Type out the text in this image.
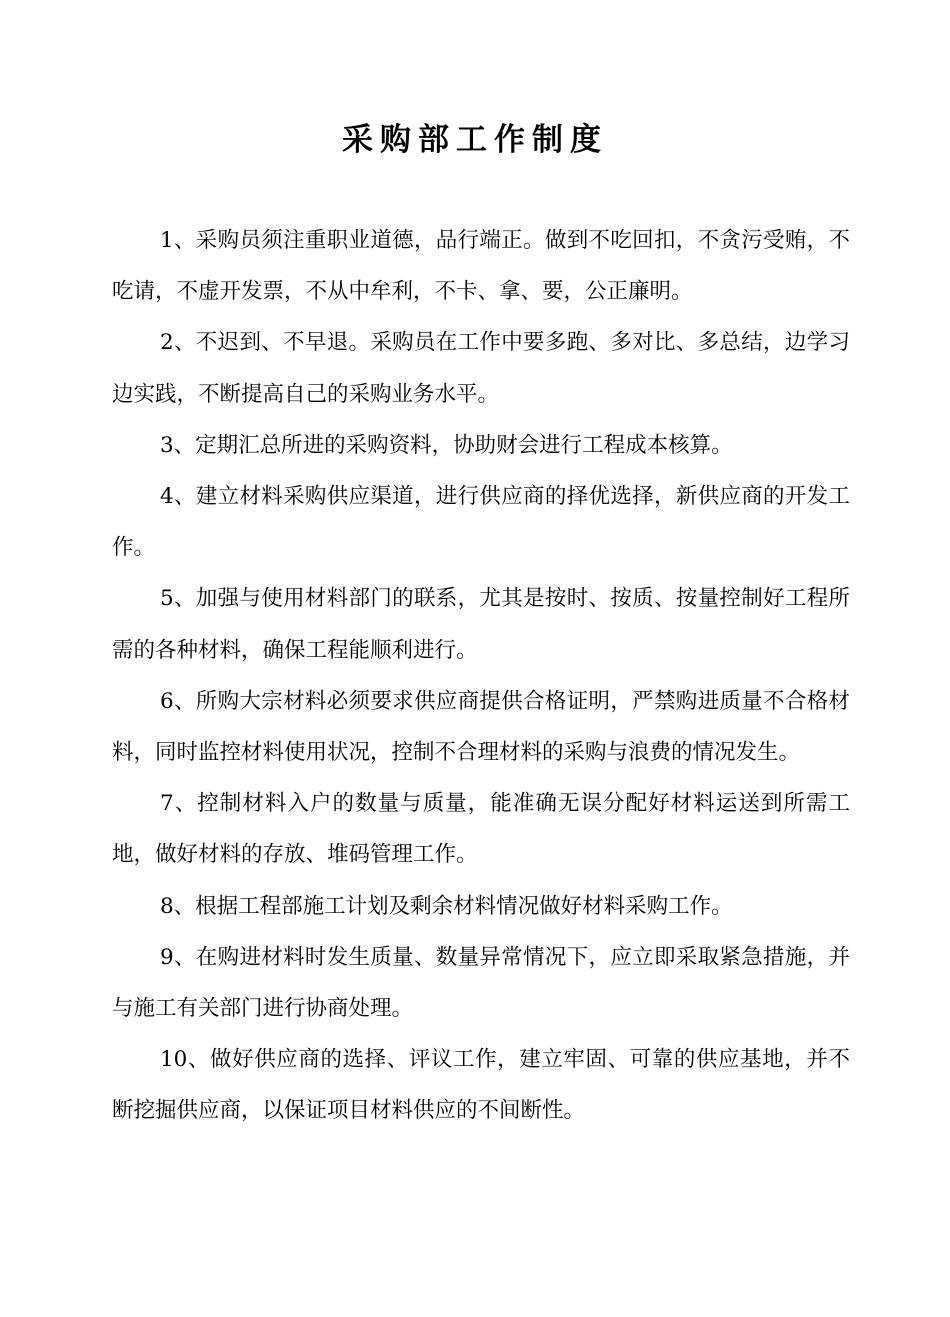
采购部工作制度

1、采购员须注重职业道德，品行端正。做到不吃回扣，不贪污受贿，不吃请，不虚开发票，不从中牟利，不卡、拿、要，公正廉明。

2、不迟到、不早退。采购员在工作中要多跑、多对比、多总结，边学习边实践，不断提高自己的采购业务水平。

3、定期汇总所进的采购资料，协助财会进行工程成本核算。

4、建立材料采购供应渠道，进行供应商的择优选择，新供应商的开发工作。

5、加强与使用材料部门的联系，尤其是按时、按质、按量控制好工程所需的各种材料，确保工程能顺利进行。

6、所购大宗材料必须要求供应商提供合格证明，严禁购进质量不合格材料，同时监控材料使用状况，控制不合理材料的采购与浪费的情况发生。

7、控制材料入户的数量与质量，能准确无误分配好材料运送到所需工地，做好材料的存放、堆码管理工作。

8、根据工程部施工计划及剩余材料情况做好材料采购工作。

9、在购进材料时发生质量、数量异常情况下，应立即采取紧急措施，并与施工有关部门进行协商处理。

10、做好供应商的选择、评议工作，建立牢固、可靠的供应基地，并不断挖掘供应商，以保证项目材料供应的不间断性。
